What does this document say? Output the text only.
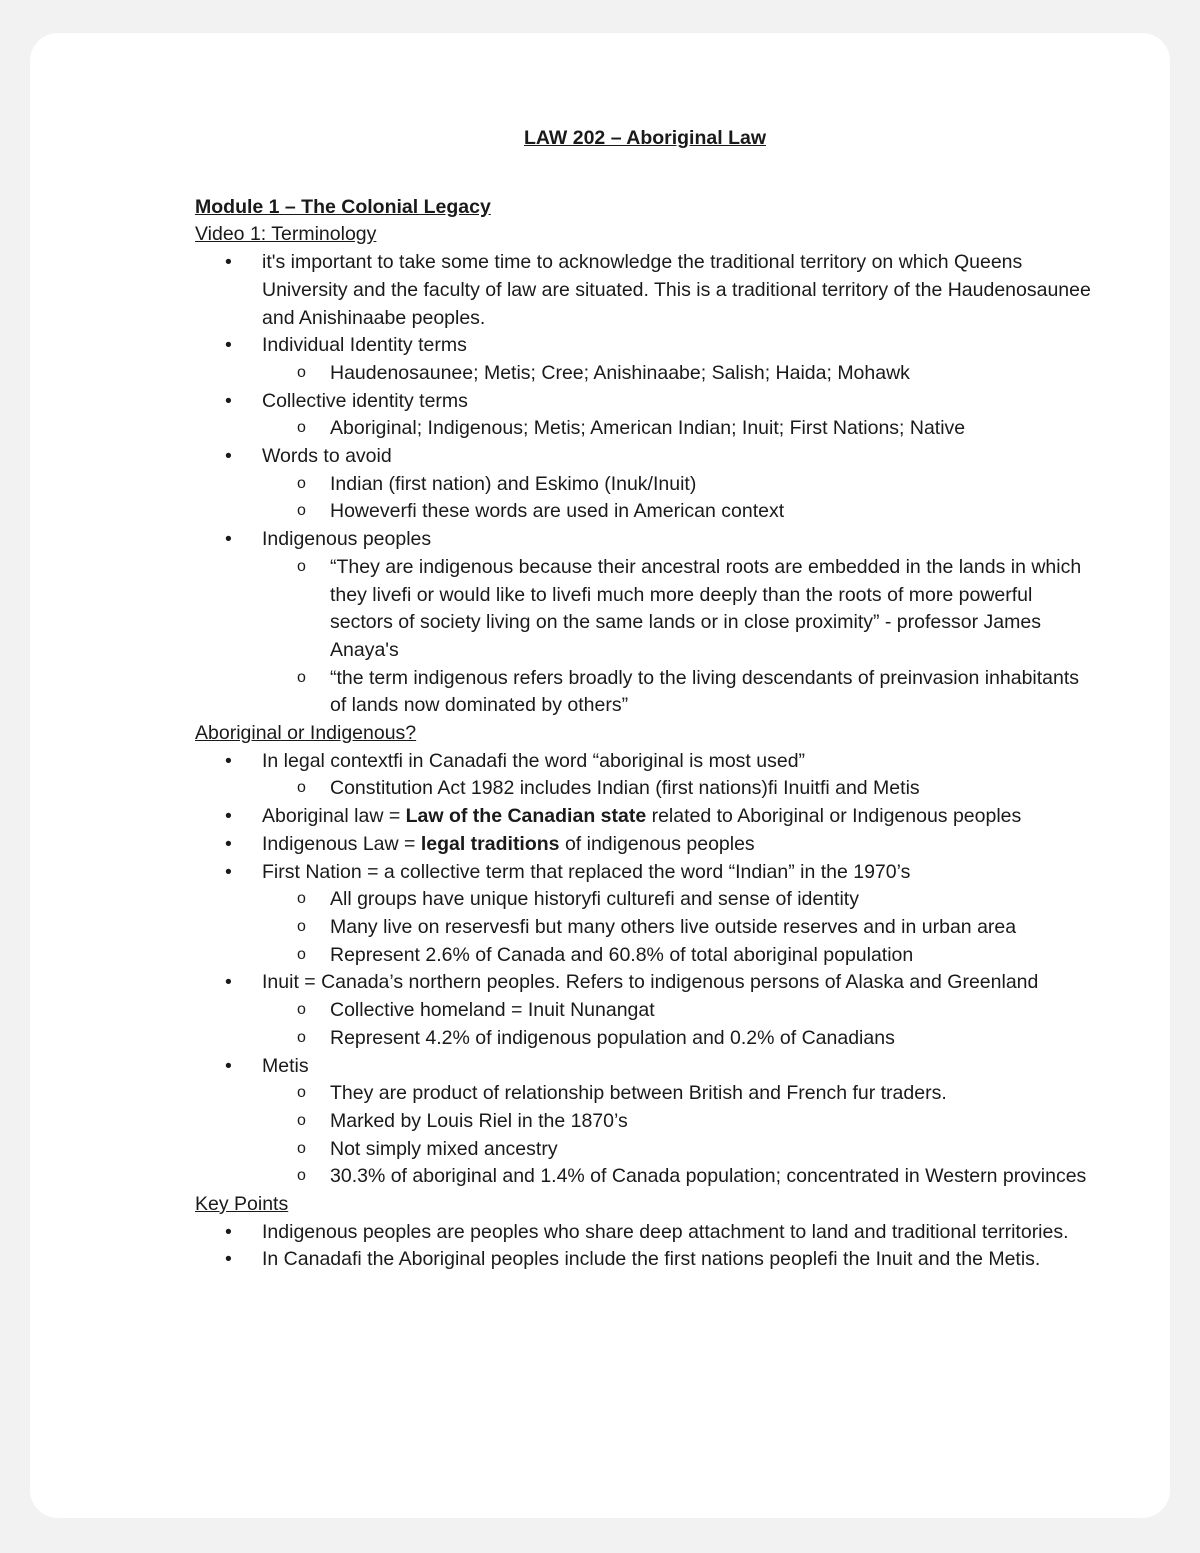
LAW 202 – Aboriginal Law
Module 1 – The Colonial Legacy
Video 1: Terminology
• it's important to take some time to acknowledge the traditional territory on which Queens University and the faculty of law are situated. This is a traditional territory of the Haudenosaunee and Anishinaabe peoples.
• Individual Identity terms
o Haudenosaunee; Metis; Cree; Anishinaabe; Salish; Haida; Mohawk
• Collective identity terms
o Aboriginal; Indigenous; Metis; American Indian; Inuit; First Nations; Native
• Words to avoid
o Indian (first nation) and Eskimo (Inuk/Inuit)
o Howeverfi these words are used in American context
• Indigenous peoples
o “They are indigenous because their ancestral roots are embedded in the lands in which they livefi or would like to livefi much more deeply than the roots of more powerful sectors of society living on the same lands or in close proximity” - professor James Anaya's
o “the term indigenous refers broadly to the living descendants of preinvasion inhabitants of lands now dominated by others”
Aboriginal or Indigenous?
• In legal contextfi in Canadafi the word “aboriginal is most used”
o Constitution Act 1982 includes Indian (first nations)fi Inuitfi and Metis
• Aboriginal law = Law of the Canadian state related to Aboriginal or Indigenous peoples
• Indigenous Law = legal traditions of indigenous peoples
• First Nation = a collective term that replaced the word “Indian” in the 1970’s
o All groups have unique historyfi culturefi and sense of identity
o Many live on reservesfi but many others live outside reserves and in urban area
o Represent 2.6% of Canada and 60.8% of total aboriginal population
• Inuit = Canada’s northern peoples. Refers to indigenous persons of Alaska and Greenland
o Collective homeland = Inuit Nunangat
o Represent 4.2% of indigenous population and 0.2% of Canadians
• Metis
o They are product of relationship between British and French fur traders.
o Marked by Louis Riel in the 1870’s
o Not simply mixed ancestry
o 30.3% of aboriginal and 1.4% of Canada population; concentrated in Western provinces
Key Points
• Indigenous peoples are peoples who share deep attachment to land and traditional territories.
• In Canadafi the Aboriginal peoples include the first nations peoplefi the Inuit and the Metis.
